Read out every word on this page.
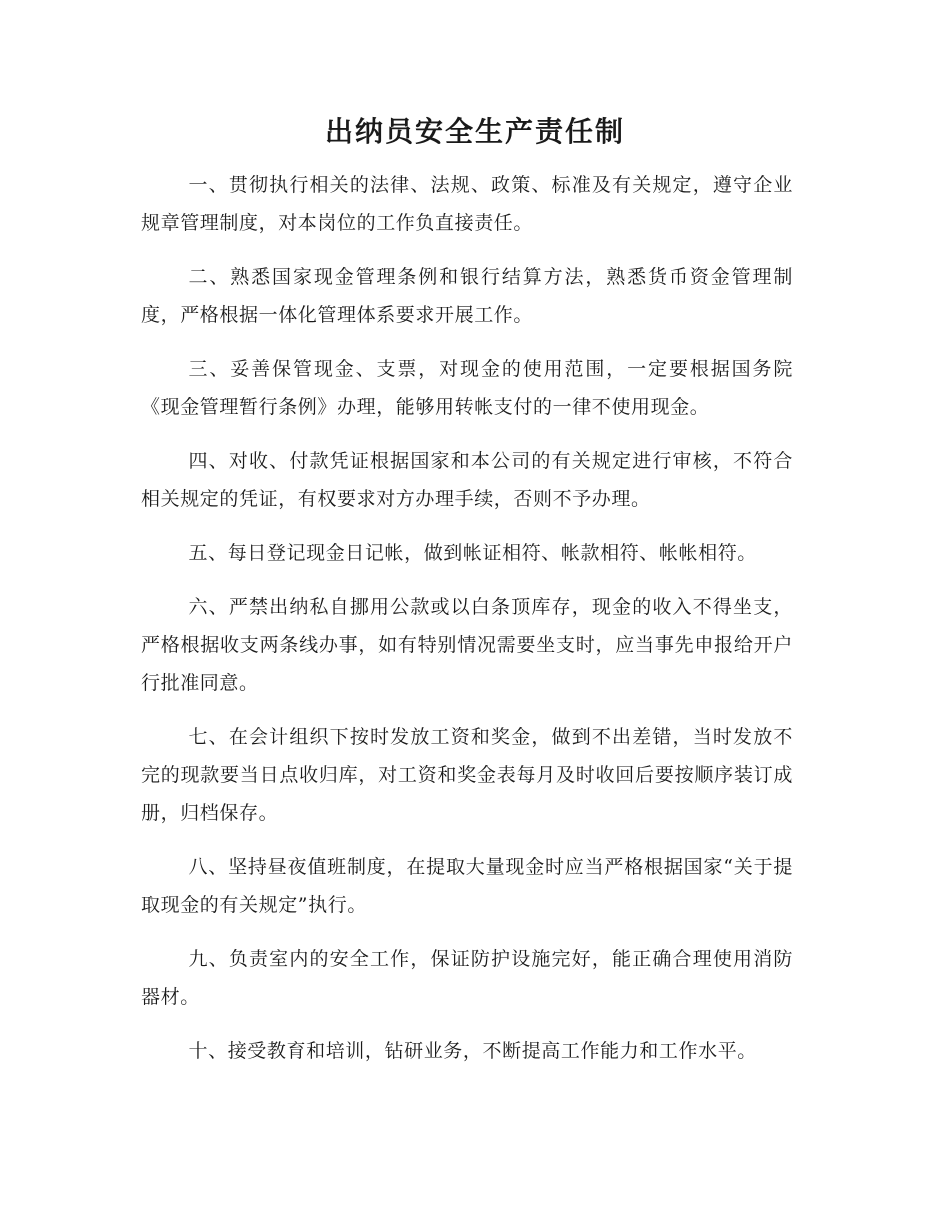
出纳员安全生产责任制

一、贯彻执行相关的法律、法规、政策、标准及有关规定，遵守企业规章管理制度，对本岗位的工作负直接责任。

二、熟悉国家现金管理条例和银行结算方法，熟悉货币资金管理制度，严格根据一体化管理体系要求开展工作。

三、妥善保管现金、支票，对现金的使用范围，一定要根据国务院《现金管理暂行条例》办理，能够用转帐支付的一律不使用现金。

四、对收、付款凭证根据国家和本公司的有关规定进行审核，不符合相关规定的凭证，有权要求对方办理手续，否则不予办理。

五、每日登记现金日记帐，做到帐证相符、帐款相符、帐帐相符。

六、严禁出纳私自挪用公款或以白条顶库存，现金的收入不得坐支，严格根据收支两条线办事，如有特别情况需要坐支时，应当事先申报给开户行批准同意。

七、在会计组织下按时发放工资和奖金，做到不出差错，当时发放不完的现款要当日点收归库，对工资和奖金表每月及时收回后要按顺序装订成册，归档保存。

八、坚持昼夜值班制度，在提取大量现金时应当严格根据国家“关于提取现金的有关规定”执行。

九、负责室内的安全工作，保证防护设施完好，能正确合理使用消防器材。

十、接受教育和培训，钻研业务，不断提高工作能力和工作水平。
